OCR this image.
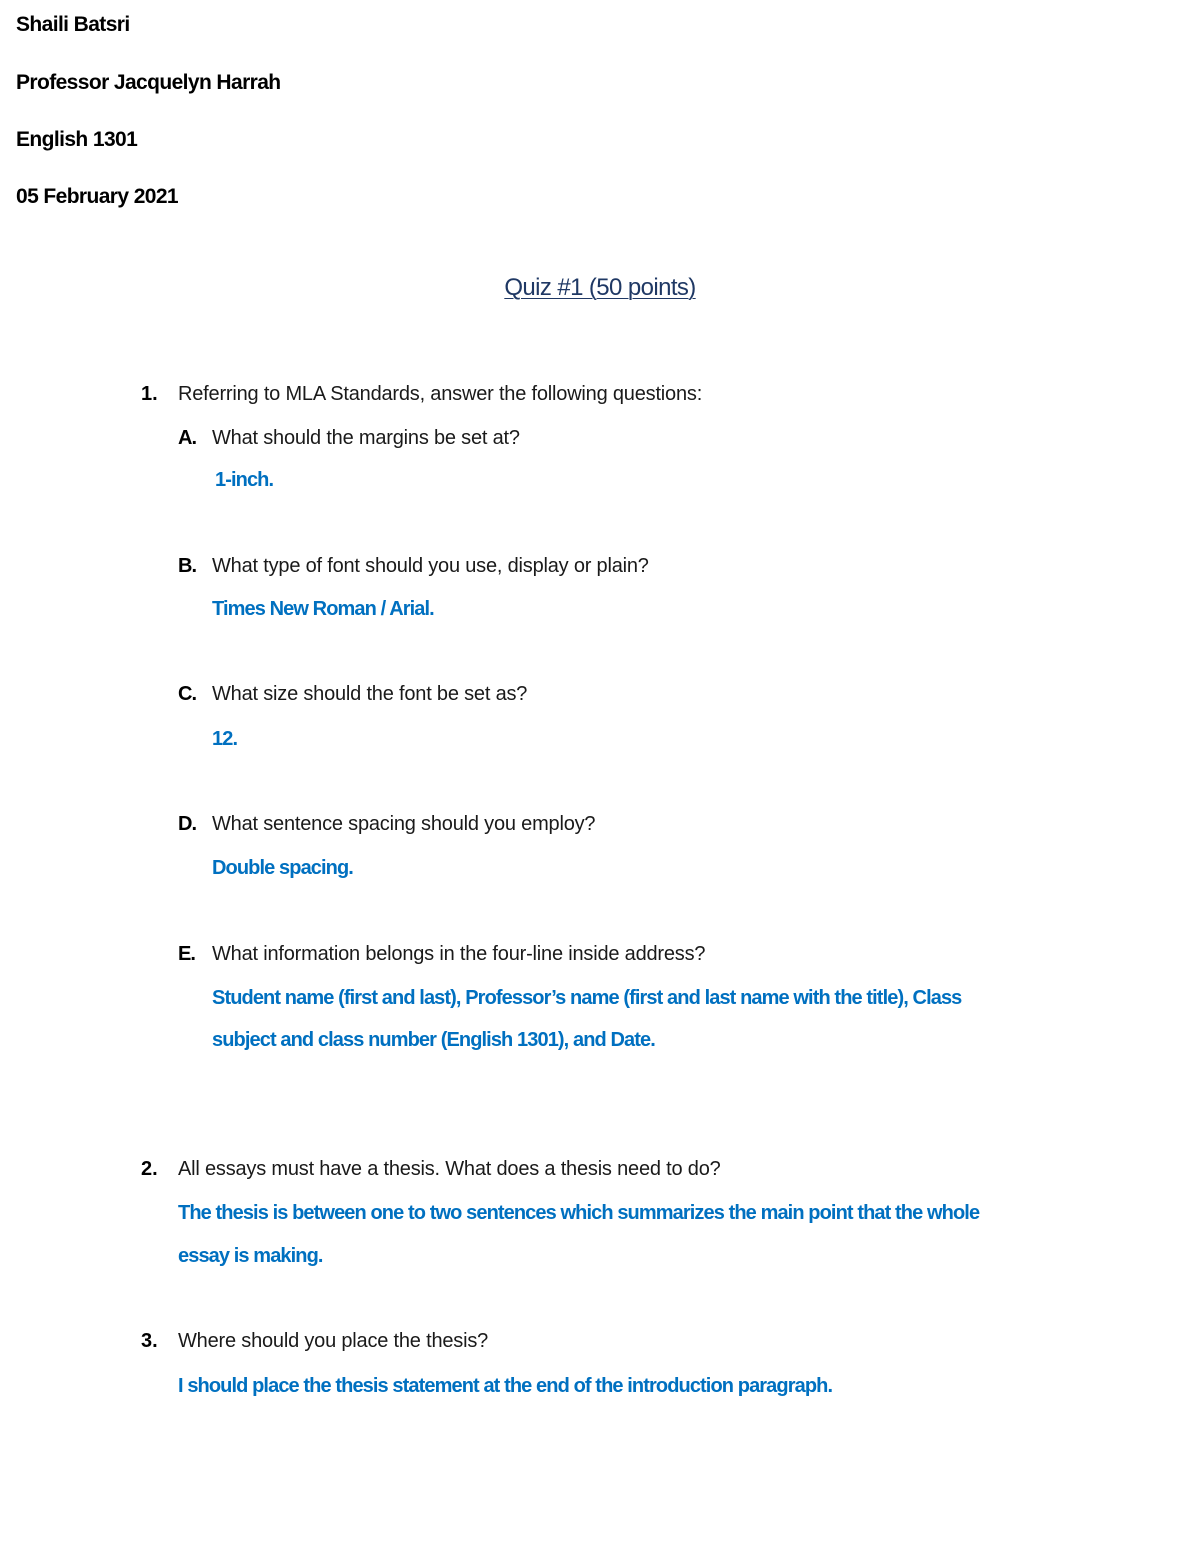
Shaili Batsri
Professor Jacquelyn Harrah
English 1301
05 February 2021
Quiz #1 (50 points)
1. Referring to MLA Standards, answer the following questions:
A. What should the margins be set at?
1-inch.
B. What type of font should you use, display or plain?
Times New Roman / Arial.
C. What size should the font be set as?
12.
D. What sentence spacing should you employ?
Double spacing.
E. What information belongs in the four-line inside address?
Student name (first and last), Professor’s name (first and last name with the title), Class
subject and class number (English 1301), and Date.
2. All essays must have a thesis. What does a thesis need to do?
The thesis is between one to two sentences which summarizes the main point that the whole
essay is making.
3. Where should you place the thesis?
I should place the thesis statement at the end of the introduction paragraph.
